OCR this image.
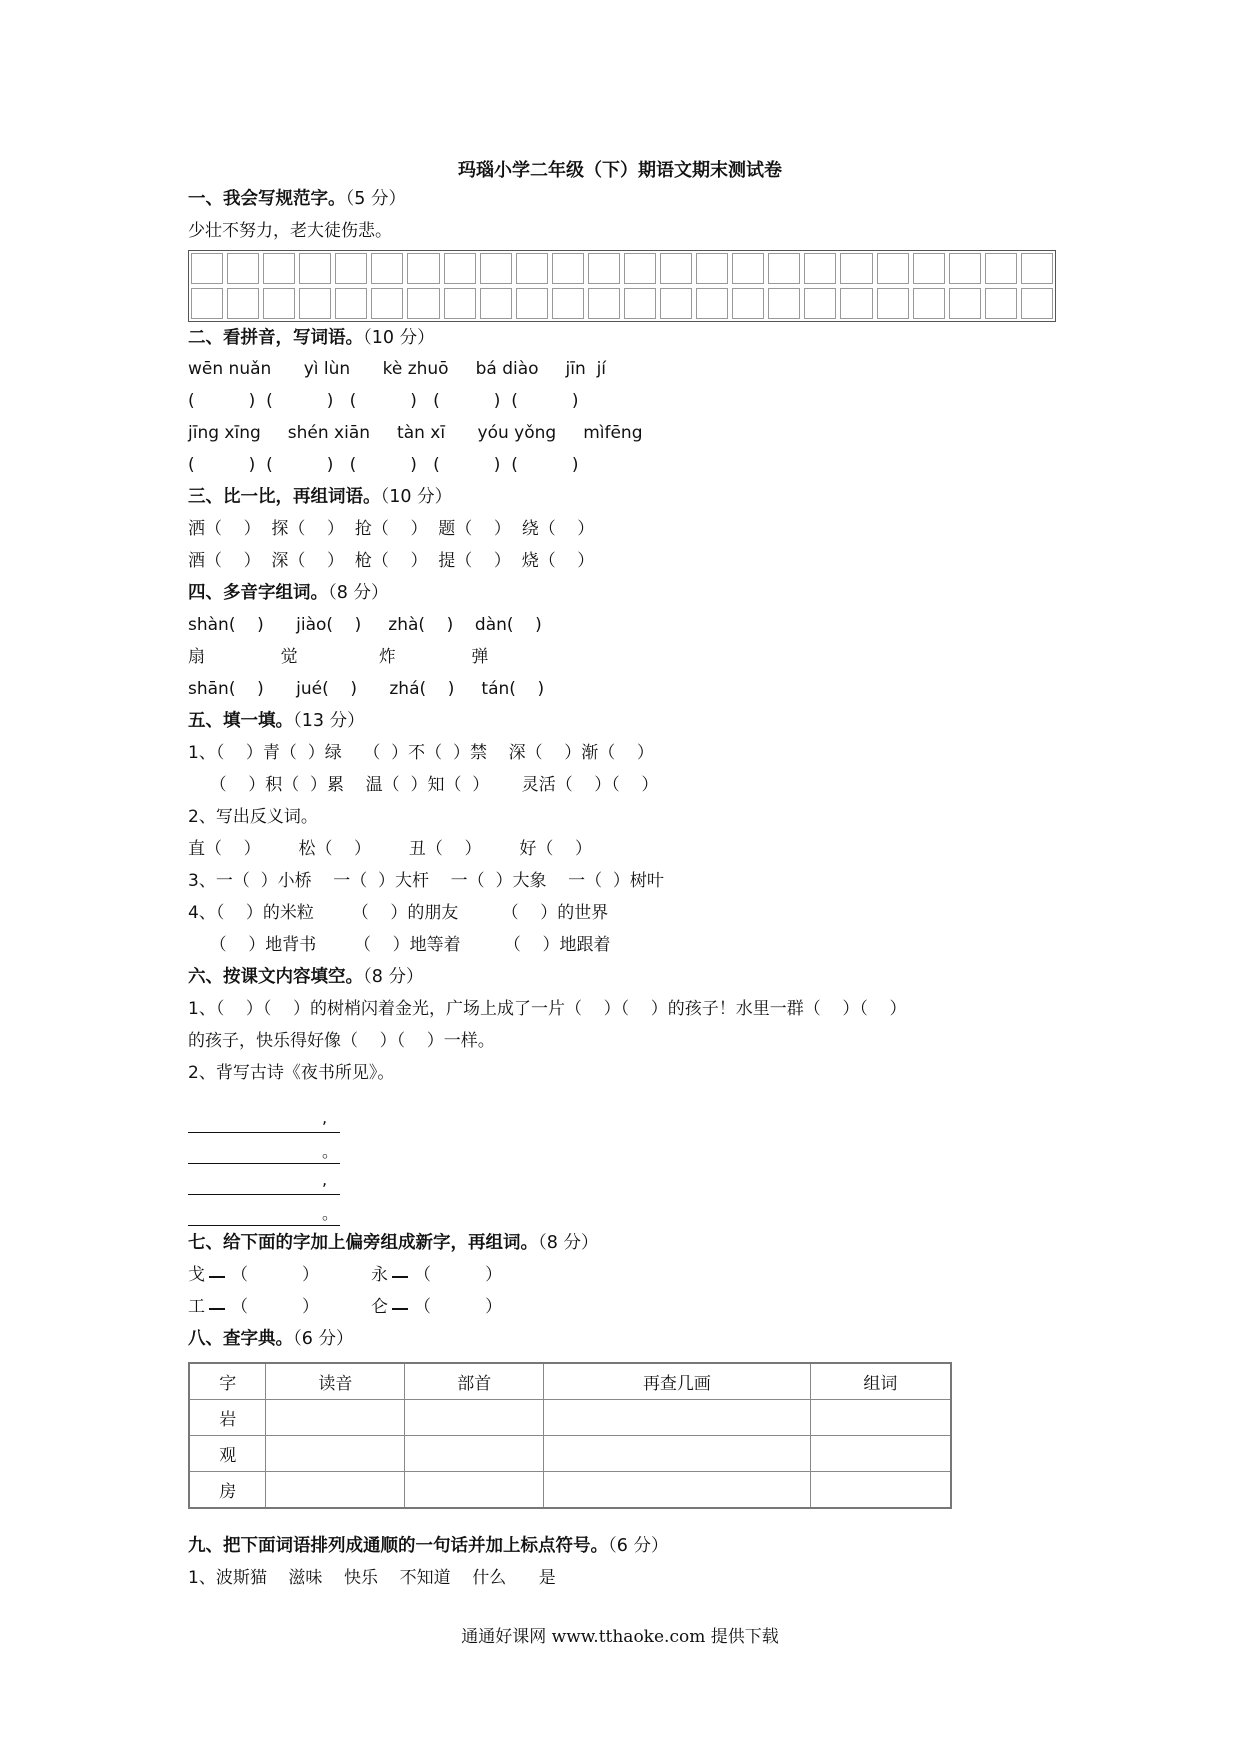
玛瑙小学二年级（下）期语文期末测试卷
一、我会写规范字。（5 分）
少壮不努力，老大徒伤悲。
二、看拼音，写词语。（10 分）
wēn nuǎn      yì lùn      kè zhuō     bá diào     jīn  jí
(          )  (          )   (          )   (          )  (          )
jīng xīng     shén xiān     tàn xī      yóu yǒng     mìfēng
(          )  (          )   (          )   (          )  (          )
三、比一比，再组词语。（10 分）
洒（    ）  探（    ）  抢（    ）  题（    ）  绕（    ）
酒（    ）  深（    ）  枪（    ）  提（    ）  烧（    ）
四、多音字组词。（8 分）
shàn(    )      jiào(    )     zhà(    )    dàn(    )
扇              觉               炸              弹
shān(    )      jué(    )      zhá(    )     tán(    )
五、填一填。（13 分）
1、（    ）青（  ）绿    （  ）不（  ）禁    深（    ）渐（    ）
（    ）积（  ）累    温（  ）知（  ）      灵活（    ）（    ）
2、写出反义词。
直（    ）       松（    ）       丑（    ）       好（    ）
3、一（  ）小桥    一（  ）大杆    一（  ）大象    一（  ）树叶
4、（    ）的米粒       （    ）的朋友        （    ）的世界
（    ）地背书       （    ）地等着        （    ）地跟着
六、按课文内容填空。（8 分）
1、（    ）（    ）的树梢闪着金光，广场上成了一片（    ）（    ）的孩子！水里一群（    ）（    ）
的孩子，快乐得好像（    ）（    ）一样。
2、背写古诗《夜书所见》。
,
。
,
。
七、给下面的字加上偏旁组成新字，再组词。（8 分）
戈 （          ）	永 （          ）
工 （          ）	仑 （          ）
八、查字典。（6 分）
字	读音	部首	再查几画	组词
岩				
观				
房				
九、把下面词语排列成通顺的一句话并加上标点符号。（6 分）
1、波斯猫    滋味    快乐    不知道    什么      是
通通好课网 www.tthaoke.com 提供下载
